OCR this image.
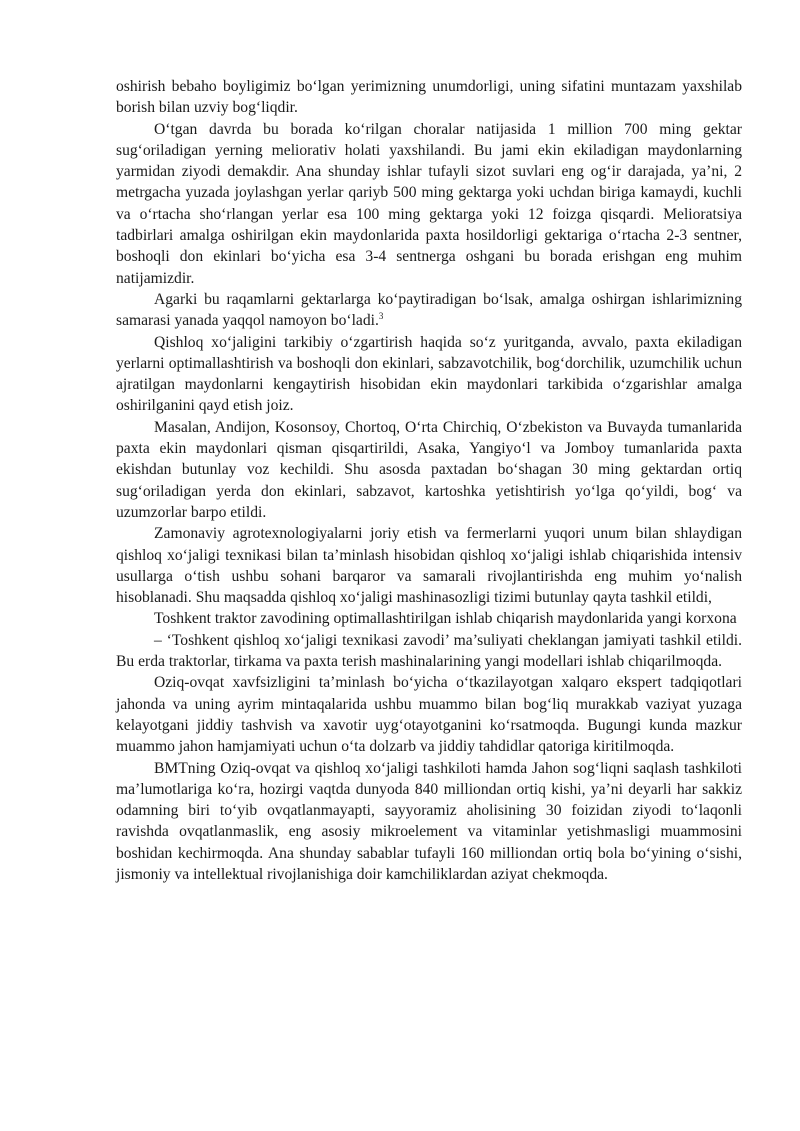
oshirish bebaho boyligimiz bo‘lgan yerimizning unumdorligi, uning sifatini muntazam yaxshilab borish bilan uzviy bog‘liqdir.

O‘tgan davrda bu borada ko‘rilgan choralar natijasida 1 million 700 ming gektar sug‘oriladigan yerning meliorativ holati yaxshilandi. Bu jami ekin ekiladigan maydonlarning yarmidan ziyodi demakdir. Ana shunday ishlar tufayli sizot suvlari eng og‘ir darajada, ya’ni, 2 metrgacha yuzada joylashgan yerlar qariyb 500 ming gektarga yoki uchdan biriga kamaydi, kuchli va o‘rtacha sho‘rlangan yerlar esa 100 ming gektarga yoki 12 foizga qisqardi. Melioratsiya tadbirlari amalga oshirilgan ekin maydonlarida paxta hosildorligi gektariga o‘rtacha 2-3 sentner, boshoqli don ekinlari bo‘yicha esa 3-4 sentnerga oshgani bu borada erishgan eng muhim natijamizdir.

Agarki bu raqamlarni gektarlarga ko‘paytiradigan bo‘lsak, amalga oshirgan ishlarimizning samarasi yanada yaqqol namoyon bo‘ladi.$^3$

Qishloq xo‘jaligini tarkibiy o‘zgartirish haqida so‘z yuritganda, avvalo, paxta ekiladigan yerlarni optimallashtirish va boshoqli don ekinlari, sabzavotchilik, bog‘dorchilik, uzumchilik uchun ajratilgan maydonlarni kengaytirish hisobidan ekin maydonlari tarkibida o‘zgarishlar amalga oshirilganini qayd etish joiz.

Masalan, Andijon, Kosonsoy, Chortoq, O‘rta Chirchiq, O‘zbekiston va Buvayda tumanlarida paxta ekin maydonlari qisman qisqartirildi, Asaka, Yangiyo‘l va Jomboy tumanlarida paxta ekishdan butunlay voz kechildi. Shu asosda paxtadan bo‘shagan 30 ming gektardan ortiq sug‘oriladigan yerda don ekinlari, sabzavot, kartoshka yetishtirish yo‘lga qo‘yildi, bog‘ va uzumzorlar barpo etildi.

Zamonaviy agrotexnologiyalarni joriy etish va fermerlarni yuqori unum bilan shlaydigan qishloq xo‘jaligi texnikasi bilan ta’minlash hisobidan qishloq xo‘jaligi ishlab chiqarishida intensiv usullarga o‘tish ushbu sohani barqaror va samarali rivojlantirishda eng muhim yo‘nalish hisoblanadi. Shu maqsadda qishloq xo‘jaligi mashinasozligi tizimi butunlay qayta tashkil etildi,

Toshkent traktor zavodining optimallashtirilgan ishlab chiqarish maydonlarida yangi korxona

– ‘Toshkent qishloq xo‘jaligi texnikasi zavodi’ ma’suliyati cheklangan jamiyati tashkil etildi. Bu erda traktorlar, tirkama va paxta terish mashinalarining yangi modellari ishlab chiqarilmoqda.

Oziq-ovqat xavfsizligini ta’minlash bo‘yicha o‘tkazilayotgan xalqaro ekspert tadqiqotlari jahonda va uning ayrim mintaqalarida ushbu muammo bilan bog‘liq murakkab vaziyat yuzaga kelayotgani jiddiy tashvish va xavotir uyg‘otayotganini ko‘rsatmoqda. Bugungi kunda mazkur muammo jahon hamjamiyati uchun o‘ta dolzarb va jiddiy tahdidlar qatoriga kiritilmoqda.

BMTning Oziq-ovqat va qishloq xo‘jaligi tashkiloti hamda Jahon sog‘liqni saqlash tashkiloti ma’lumotlariga ko‘ra, hozirgi vaqtda dunyoda 840 milliondan ortiq kishi, ya’ni deyarli har sakkiz odamning biri to‘yib ovqatlanmayapti, sayyoramiz aholisining 30 foizidan ziyodi to‘laqonli ravishda ovqatlanmaslik, eng asosiy mikroelement va vitaminlar yetishmasligi muammosini boshidan kechirmoqda. Ana shunday sabablar tufayli 160 milliondan ortiq bola bo‘yining o‘sishi, jismoniy va intellektual rivojlanishiga doir kamchiliklardan aziyat chekmoqda.
